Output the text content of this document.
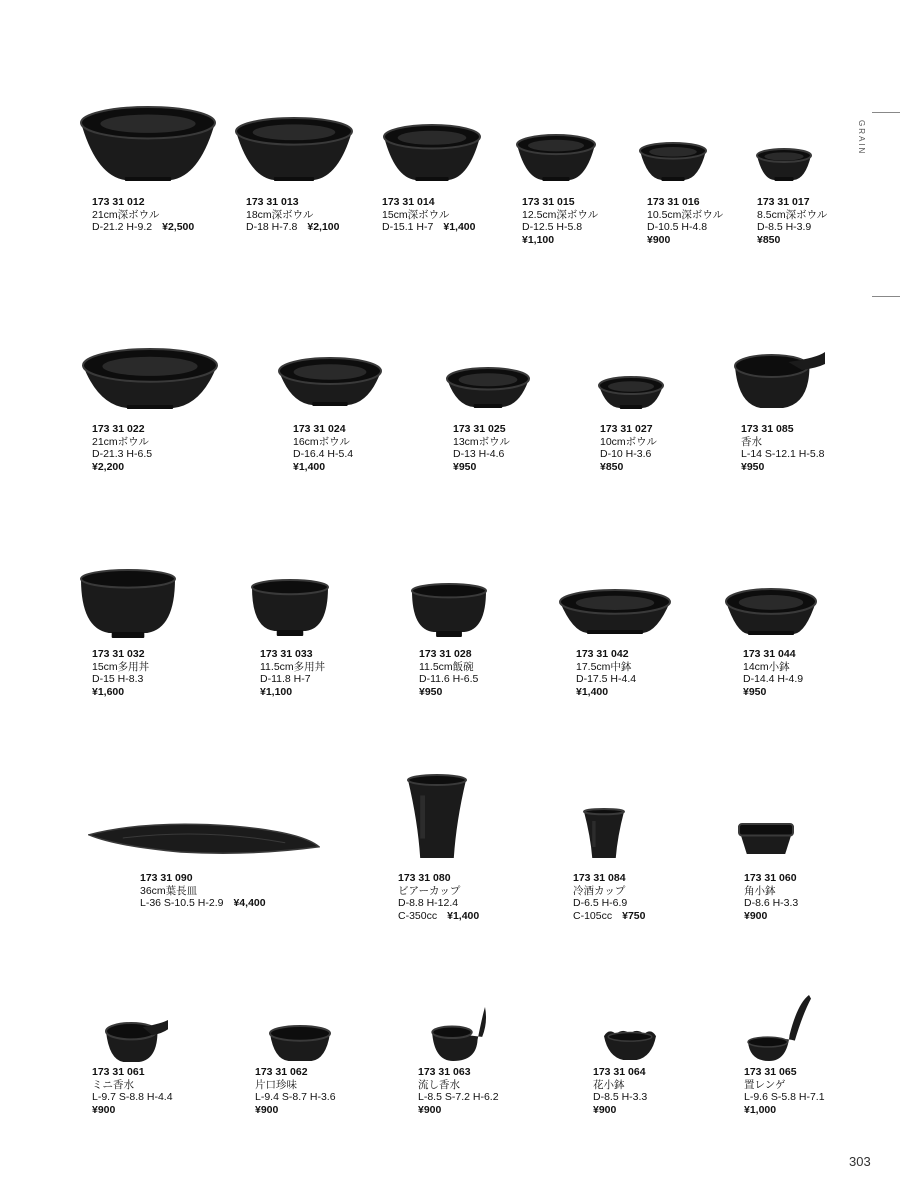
GRAIN
303
173 31 012
21cm深ボウル
D-21.2 H-9.2 ¥2,500
173 31 013
18cm深ボウル
D-18 H-7.8 ¥2,100
173 31 014
15cm深ボウル
D-15.1 H-7 ¥1,400
173 31 015
12.5cm深ボウル
D-12.5 H-5.8
¥1,100
173 31 016
10.5cm深ボウル
D-10.5 H-4.8
¥900
173 31 017
8.5cm深ボウル
D-8.5 H-3.9
¥850
173 31 022
21cmボウル
D-21.3 H-6.5
¥2,200
173 31 024
16cmボウル
D-16.4 H-5.4
¥1,400
173 31 025
13cmボウル
D-13 H-4.6
¥950
173 31 027
10cmボウル
D-10 H-3.6
¥850
173 31 085
香水
L-14 S-12.1 H-5.8
¥950
173 31 032
15cm多用丼
D-15 H-8.3
¥1,600
173 31 033
11.5cm多用丼
D-11.8 H-7
¥1,100
173 31 028
11.5cm飯碗
D-11.6 H-6.5
¥950
173 31 042
17.5cm中鉢
D-17.5 H-4.4
¥1,400
173 31 044
14cm小鉢
D-14.4 H-4.9
¥950
173 31 090
36cm葉長皿
L-36 S-10.5 H-2.9 ¥4,400
173 31 080
ビアーカップ
D-8.8 H-12.4
C-350cc ¥1,400
173 31 084
冷酒カップ
D-6.5 H-6.9
C-105cc ¥750
173 31 060
角小鉢
D-8.6 H-3.3
¥900
173 31 061
ミニ香水
L-9.7 S-8.8 H-4.4
¥900
173 31 062
片口珍味
L-9.4 S-8.7 H-3.6
¥900
173 31 063
流し香水
L-8.5 S-7.2 H-6.2
¥900
173 31 064
花小鉢
D-8.5 H-3.3
¥900
173 31 065
置レンゲ
L-9.6 S-5.8 H-7.1
¥1,000
